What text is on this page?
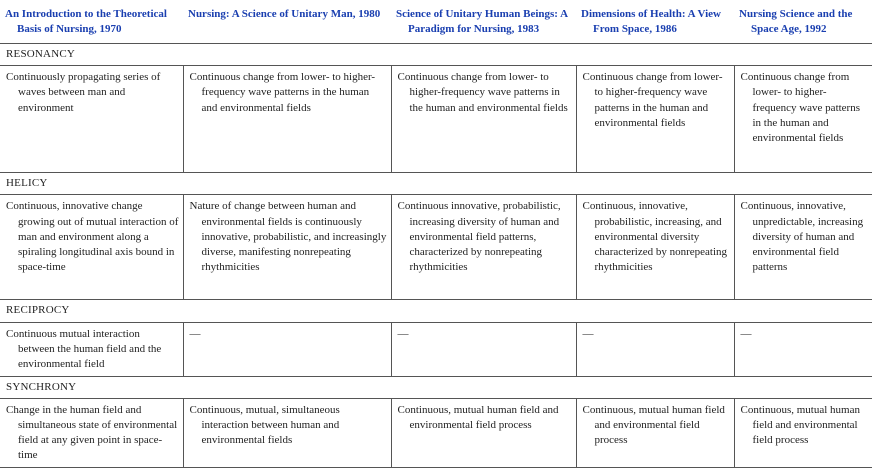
An Introduction to the Theoretical Basis of Nursing, 1970	Nursing: A Science of Unitary Man, 1980	Science of Unitary Human Beings: A Paradigm for Nursing, 1983	Dimensions of Health: A View From Space, 1986	Nursing Science and the Space Age, 1992

RESONANCY				

Continuously propagating series of waves between man and environment	Continuous change from lower- to higher-frequency wave patterns in the human and environmental fields	Continuous change from lower- to higher-frequency wave patterns in the human and environmental fields	Continuous change from lower- to higher-frequency wave patterns in the human and environmental fields	Continuous change from lower- to higher-frequency wave patterns in the human and environmental fields

HELICY				

Continuous, innovative change growing out of mutual interaction of man and environment along a spiraling longitudinal axis bound in space-time	Nature of change between human and environmental fields is continuously innovative, probabilistic, and increasingly diverse, manifesting nonrepeating rhythmicities	Continuous innovative, probabilistic, increasing diversity of human and environmental field patterns, characterized by nonrepeating rhythmicities	Continuous, innovative, probabilistic, increasing, and environmental diversity characterized by nonrepeating rhythmicities	Continuous, innovative, unpredictable, increasing diversity of human and environmental field patterns

RECIPROCY				

Continuous mutual interaction between the human field and the environmental field	—	—	—	—

SYNCHRONY				

Change in the human field and simultaneous state of environmental field at any given point in space-time	Continuous, mutual, simultaneous interaction between human and environmental fields	Continuous, mutual human field and environmental field process	Continuous, mutual human field and environmental field process	Continuous, mutual human field and environmental field process
